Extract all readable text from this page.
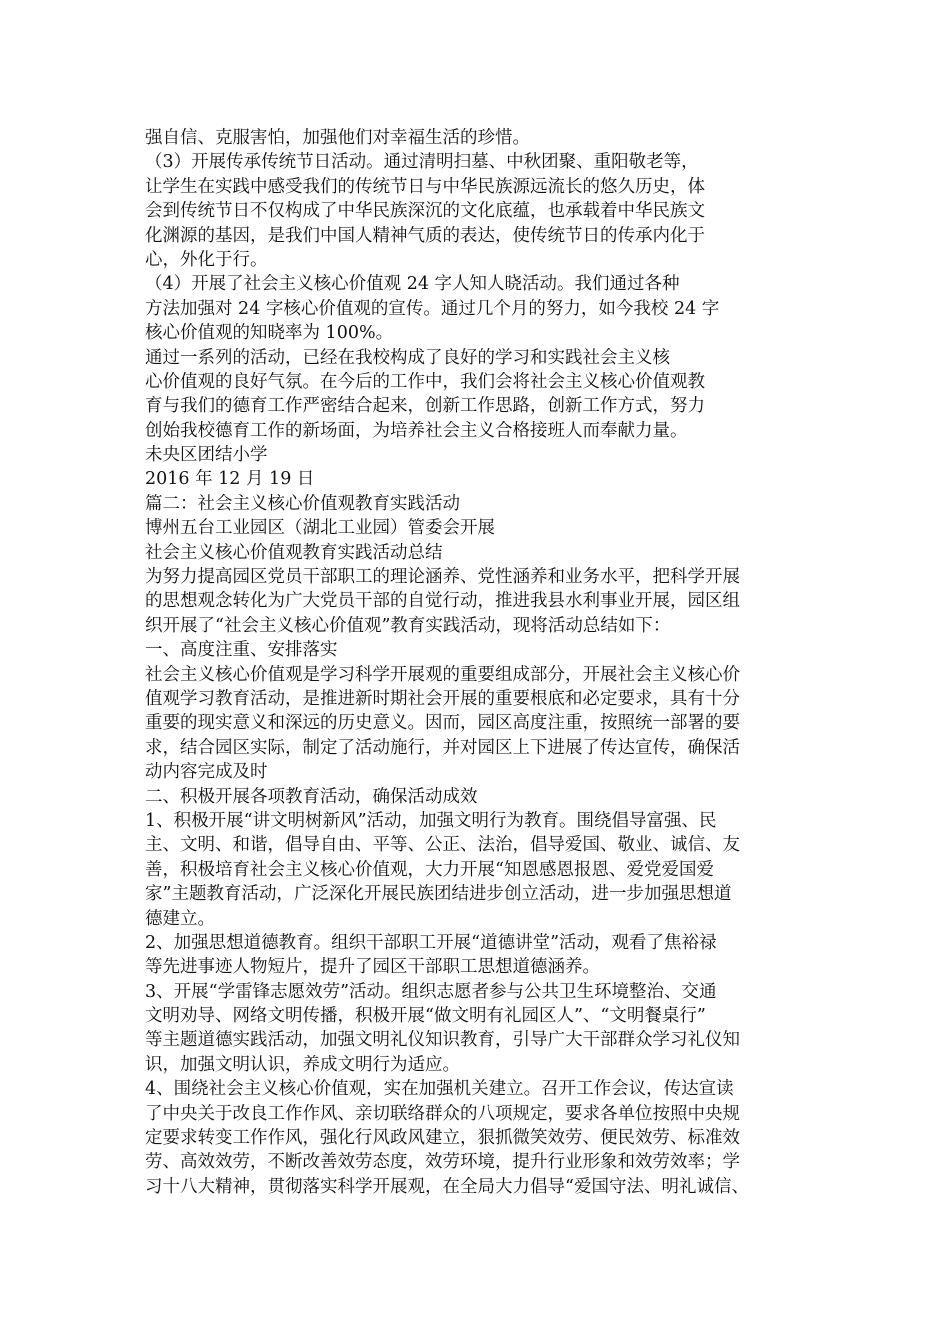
强自信、克服害怕，加强他们对幸福生活的珍惜。
（3）开展传承传统节日活动。通过清明扫墓、中秋团聚、重阳敬老等，
让学生在实践中感受我们的传统节日与中华民族源远流长的悠久历史，体
会到传统节日不仅构成了中华民族深沉的文化底蕴，也承载着中华民族文
化渊源的基因，是我们中国人精神气质的表达，使传统节日的传承内化于
心，外化于行。
（4）开展了社会主义核心价值观 24 字人知人晓活动。我们通过各种
方法加强对 24 字核心价值观的宣传。通过几个月的努力，如今我校 24 字
核心价值观的知晓率为 100%。
通过一系列的活动，已经在我校构成了良好的学习和实践社会主义核
心价值观的良好气氛。在今后的工作中，我们会将社会主义核心价值观教
育与我们的德育工作严密结合起来，创新工作思路，创新工作方式，努力
创始我校德育工作的新场面，为培养社会主义合格接班人而奉献力量。
未央区团结小学
2016 年 12 月 19 日
篇二：社会主义核心价值观教育实践活动
博州五台工业园区（湖北工业园）管委会开展
社会主义核心价值观教育实践活动总结
为努力提高园区党员干部职工的理论涵养、党性涵养和业务水平，把科学开展
的思想观念转化为广大党员干部的自觉行动，推进我县水利事业开展，园区组
织开展了“社会主义核心价值观”教育实践活动，现将活动总结如下：
一、高度注重、安排落实
社会主义核心价值观是学习科学开展观的重要组成部分，开展社会主义核心价
值观学习教育活动，是推进新时期社会开展的重要根底和必定要求，具有十分
重要的现实意义和深远的历史意义。因而，园区高度注重，按照统一部署的要
求，结合园区实际，制定了活动施行，并对园区上下进展了传达宣传，确保活
动内容完成及时
二、积极开展各项教育活动，确保活动成效
1、积极开展“讲文明树新风”活动，加强文明行为教育。围绕倡导富强、民
主、文明、和谐，倡导自由、平等、公正、法治，倡导爱国、敬业、诚信、友
善，积极培育社会主义核心价值观，大力开展“知恩感恩报恩、爱党爱国爱
家”主题教育活动，广泛深化开展民族团结进步创立活动，进一步加强思想道
德建立。
2、加强思想道德教育。组织干部职工开展“道德讲堂”活动，观看了焦裕禄
等先进事迹人物短片，提升了园区干部职工思想道德涵养。
3、开展“学雷锋志愿效劳”活动。组织志愿者参与公共卫生环境整治、交通
文明劝导、网络文明传播，积极开展“做文明有礼园区人”、“文明餐桌行”
等主题道德实践活动，加强文明礼仪知识教育，引导广大干部群众学习礼仪知
识，加强文明认识，养成文明行为适应。
4、围绕社会主义核心价值观，实在加强机关建立。召开工作会议，传达宣读
了中央关于改良工作作风、亲切联络群众的八项规定，要求各单位按照中央规
定要求转变工作作风，强化行风政风建立，狠抓微笑效劳、便民效劳、标准效
劳、高效效劳，不断改善效劳态度，效劳环境，提升行业形象和效劳效率；学
习十八大精神，贯彻落实科学开展观，在全局大力倡导“爱国守法、明礼诚信、
